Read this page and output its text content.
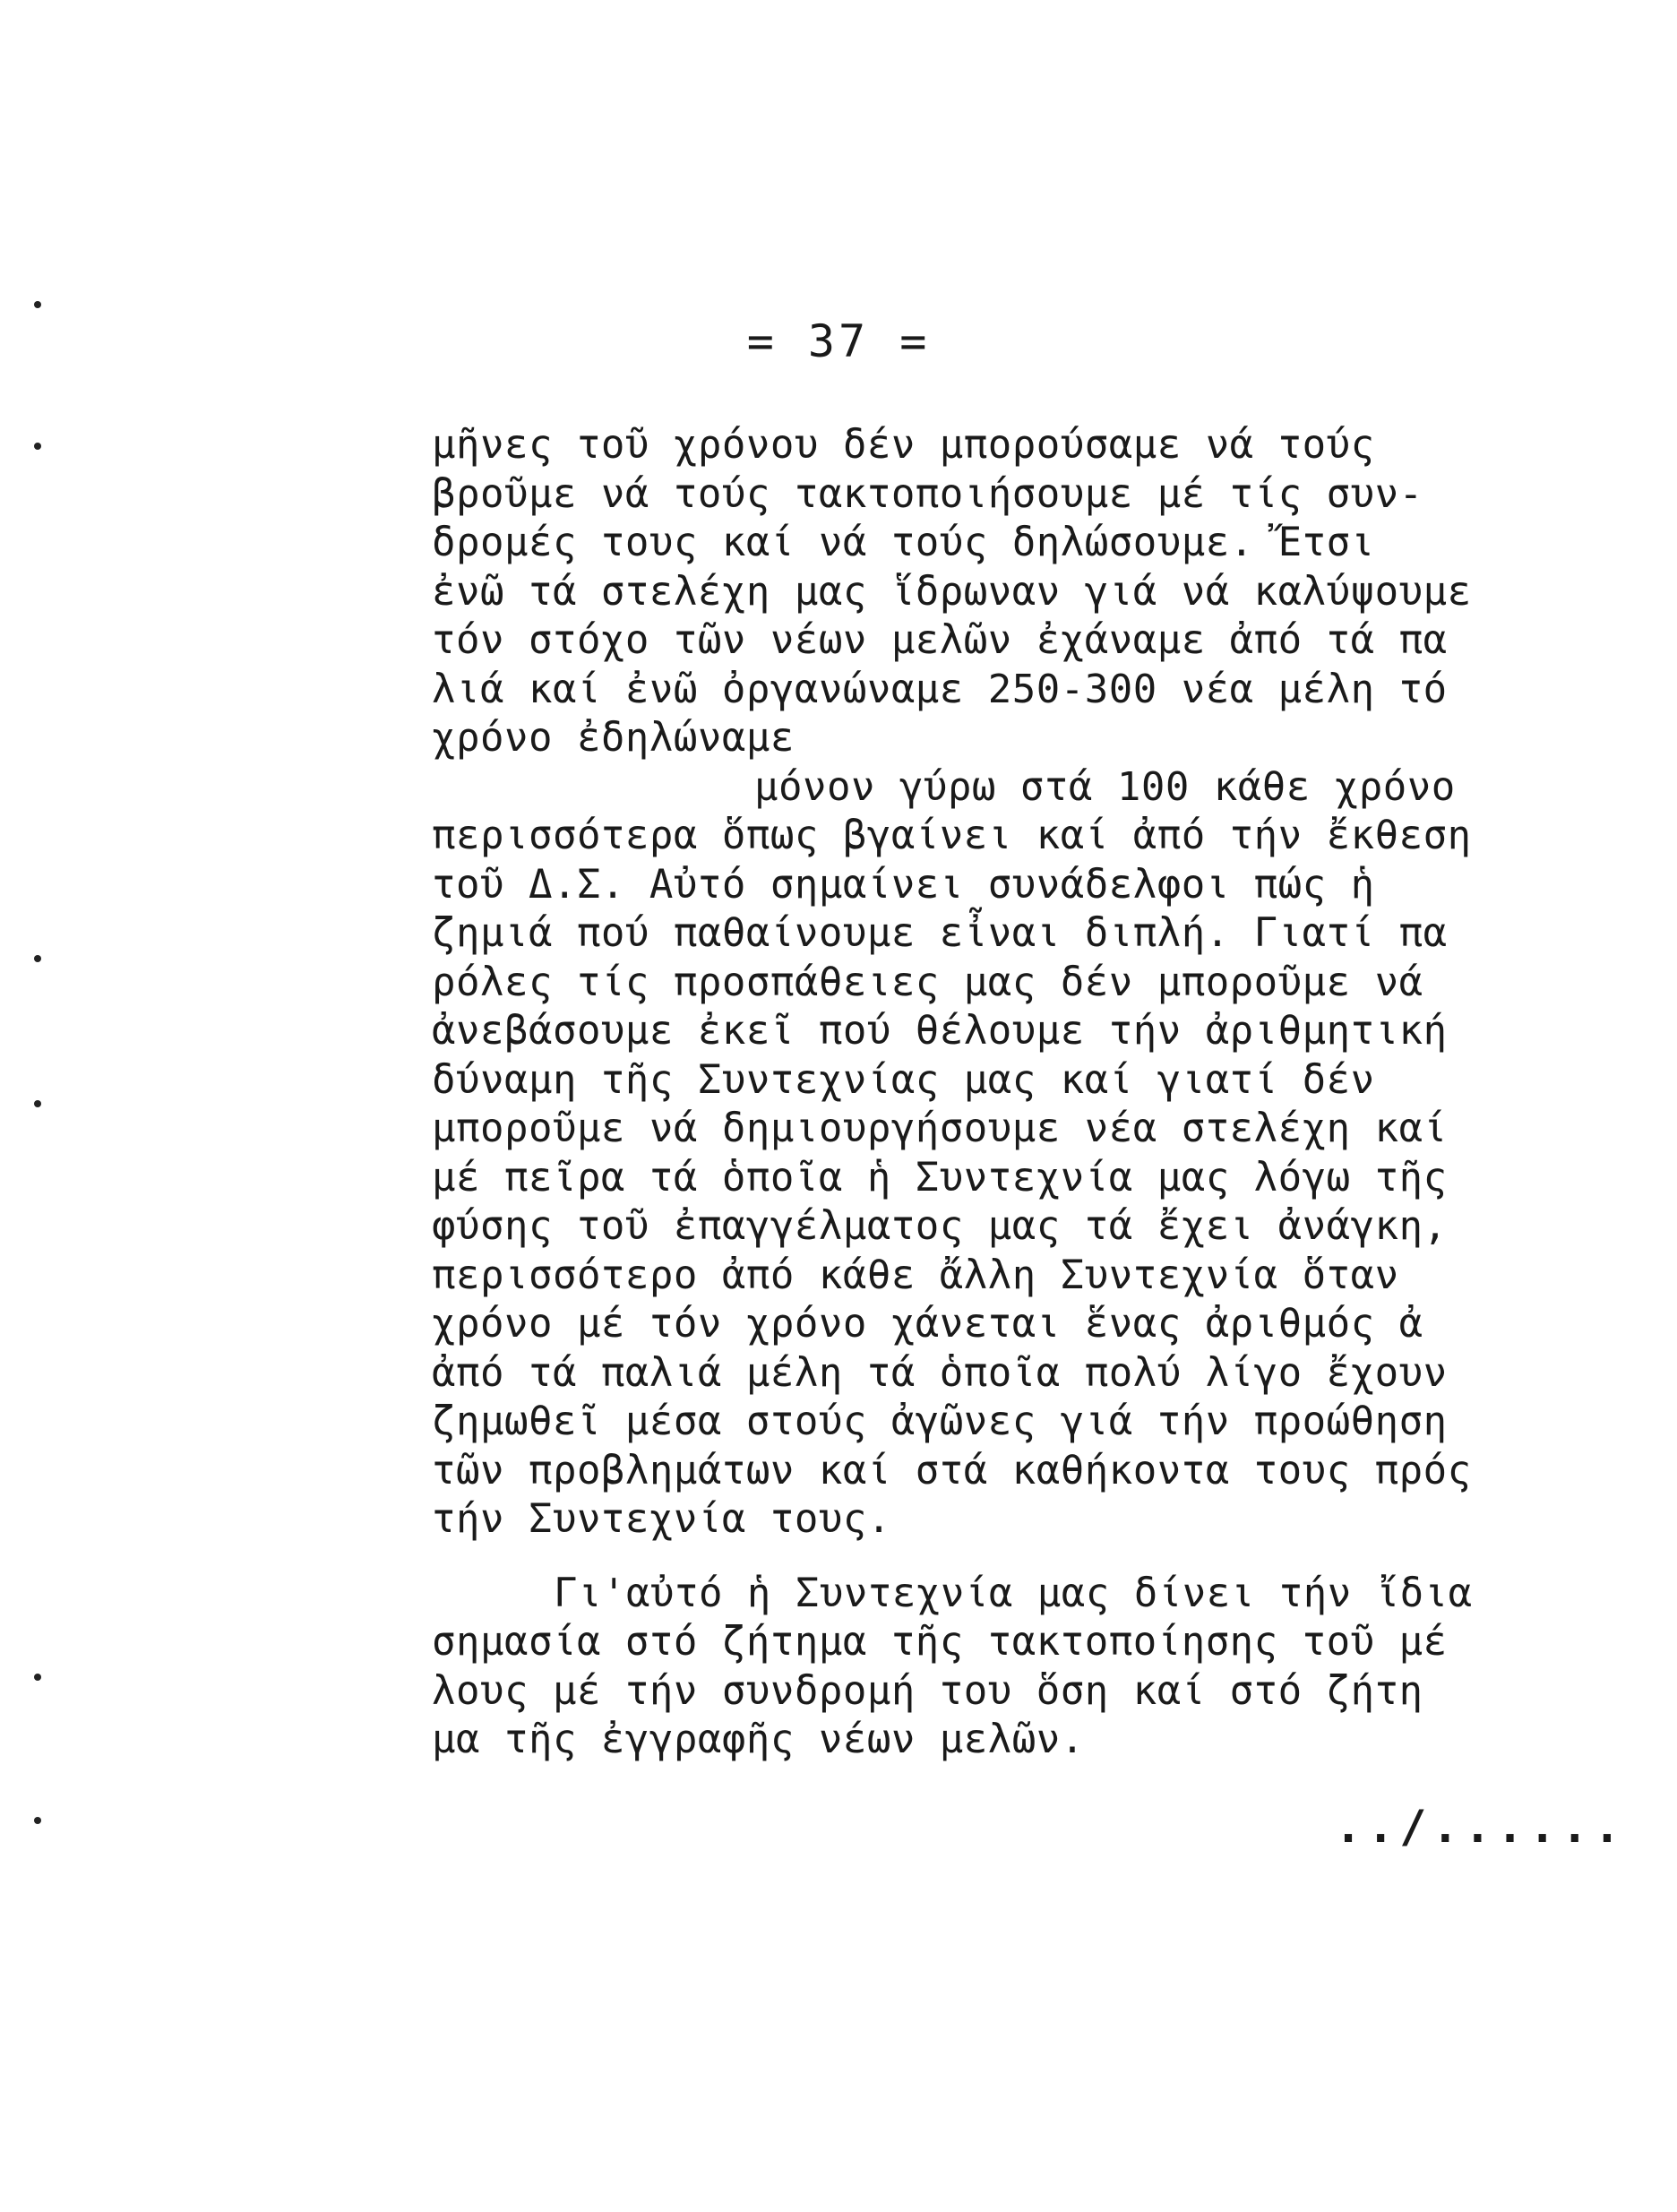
= 37 =
μῆνες τοῦ χρόνου δέν μπορούσαμε νά τούς
βροῦμε νά τούς τακτοποιήσουμε μέ τίς συν-
δρομές τους καί νά τούς δηλώσουμε. Ἔτσι
ἐνῶ τά στελέχη μας ἵδρωναν γιά νά καλύψουμε
τόν στόχο τῶν νέων μελῶν ἐχάναμε ἀπό τά πα
λιά καί ἐνῶ ὀργανώναμε 250-300 νέα μέλη τό
χρόνο ἐδηλώναμε
μόνον γύρω στά 100 κάθε χρόνο
περισσότερα ὅπως βγαίνει καί ἀπό τήν ἔκθεση
τοῦ Δ.Σ. Αὐτό σημαίνει συνάδελφοι πώς ἡ
ζημιά πού παθαίνουμε εἶναι διπλή. Γιατί πα
ρόλες τίς προσπάθειες μας δέν μποροῦμε νά
ἀνεβάσουμε ἐκεῖ πού θέλουμε τήν ἀριθμητική
δύναμη τῆς Συντεχνίας μας καί γιατί δέν
μποροῦμε νά δημιουργήσουμε νέα στελέχη καί
μέ πεῖρα τά ὁποῖα ἡ Συντεχνία μας λόγω τῆς
φύσης τοῦ ἐπαγγέλματος μας τά ἔχει ἀνάγκη,
περισσότερο ἀπό κάθε ἄλλη Συντεχνία ὅταν
χρόνο μέ τόν χρόνο χάνεται ἕνας ἀριθμός ἀ
ἀπό τά παλιά μέλη τά ὁποῖα πολύ λίγο ἔχουν
ζημωθεῖ μέσα στούς ἀγῶνες γιά τήν προώθηση
τῶν προβλημάτων καί στά καθήκοντα τους πρός
τήν Συντεχνία τους.
Γι'αὐτό ἡ Συντεχνία μας δίνει τήν ἴδια
σημασία στό ζήτημα τῆς τακτοποίησης τοῦ μέ
λους μέ τήν συνδρομή του ὅση καί στό ζήτη
μα τῆς ἐγγραφῆς νέων μελῶν.
../......
